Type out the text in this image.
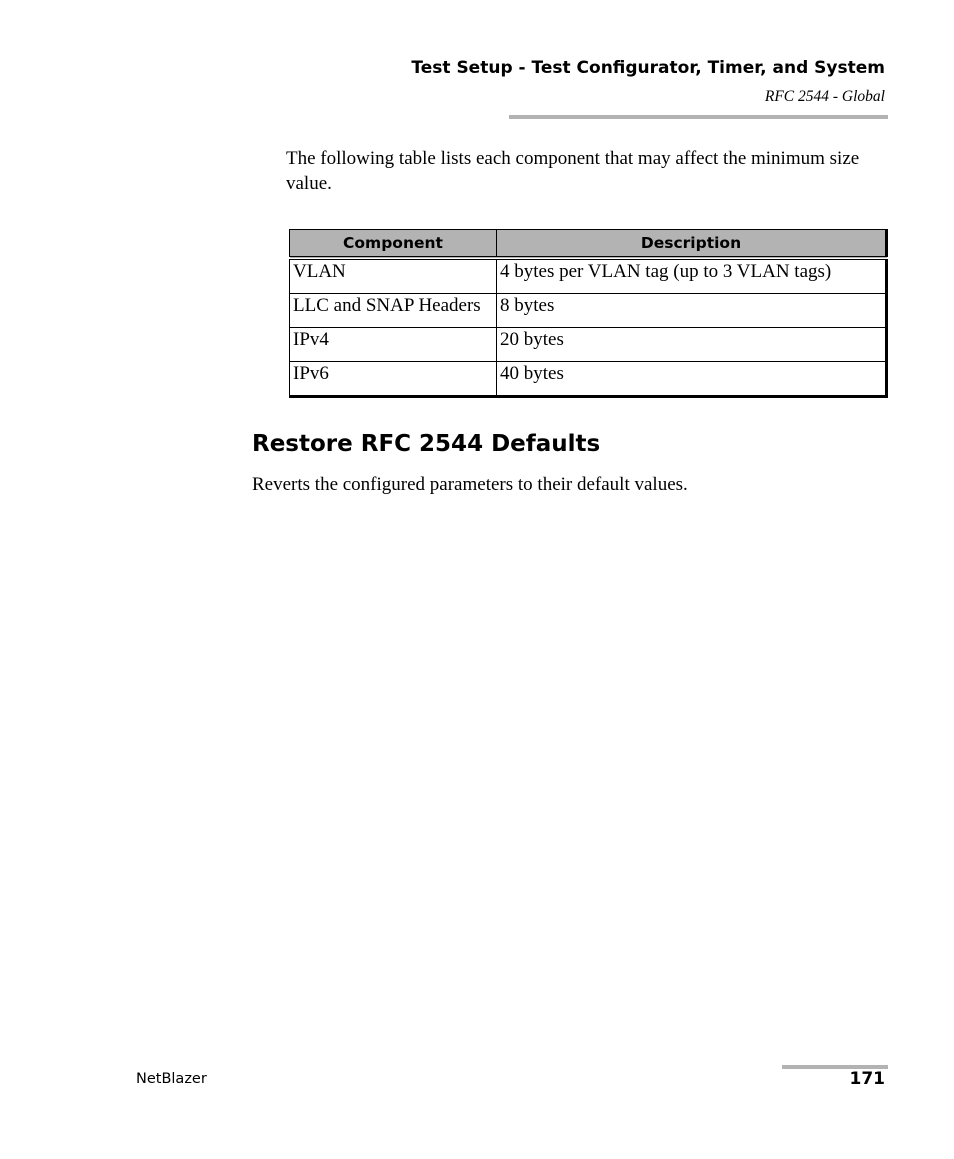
Test Setup - Test Configurator, Timer, and System
RFC 2544 - Global

The following table lists each component that may affect the minimum size value.

Component	Description
VLAN	4 bytes per VLAN tag (up to 3 VLAN tags)
LLC and SNAP Headers	8 bytes
IPv4	20 bytes
IPv6	40 bytes
Restore RFC 2544 Defaults

Reverts the configured parameters to their default values.

NetBlazer	171
